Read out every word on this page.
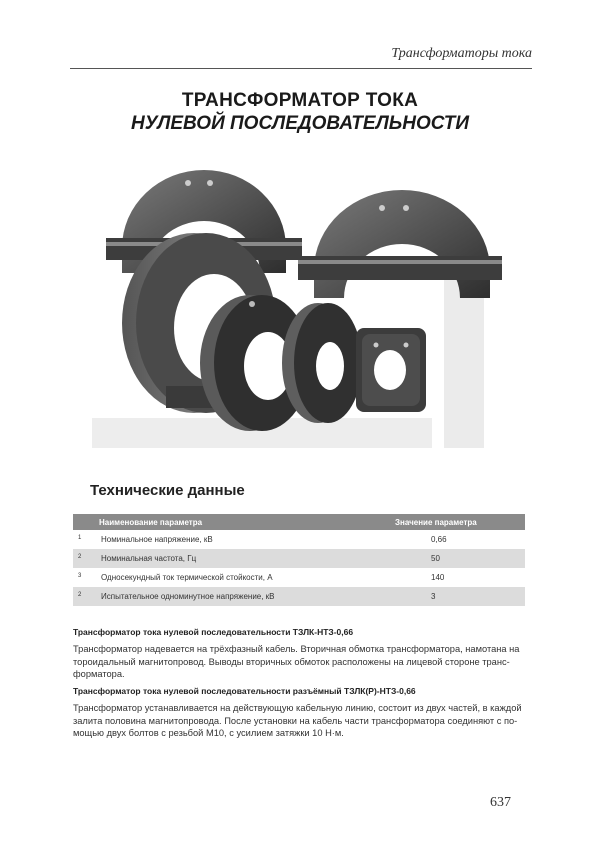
Трансформаторы тока
ТРАНСФОРМАТОР ТОКА
НУЛЕВОЙ ПОСЛЕДОВАТЕЛЬНОСТИ
Технические данные
Наименование параметра	Значение параметра
1 Номинальное напряжение, кВ	0,66
2 Номинальная частота, Гц	50
3 Односекундный ток термической стойкости, А	140
2 Испытательное одноминутное напряжение, кВ	3
Трансформатор тока нулевой последовательности ТЗЛК-НТЗ-0,66
Трансформатор надевается на трёхфазный кабель. Вторичная обмотка трансформатора, намотана на
тороидальный магнитопровод. Выводы вторичных обмоток расположены на лицевой стороне транс-
форматора.
Трансформатор тока нулевой последовательности разъёмный ТЗЛК(Р)-НТЗ-0,66
Трансформатор устанавливается на действующую кабельную линию, состоит из двух частей, в каждой
залита половина магнитопровода. После установки на кабель части трансформатора соединяют с по-
мощью двух болтов с резьбой М10, с усилием затяжки 10 Н·м.
637
